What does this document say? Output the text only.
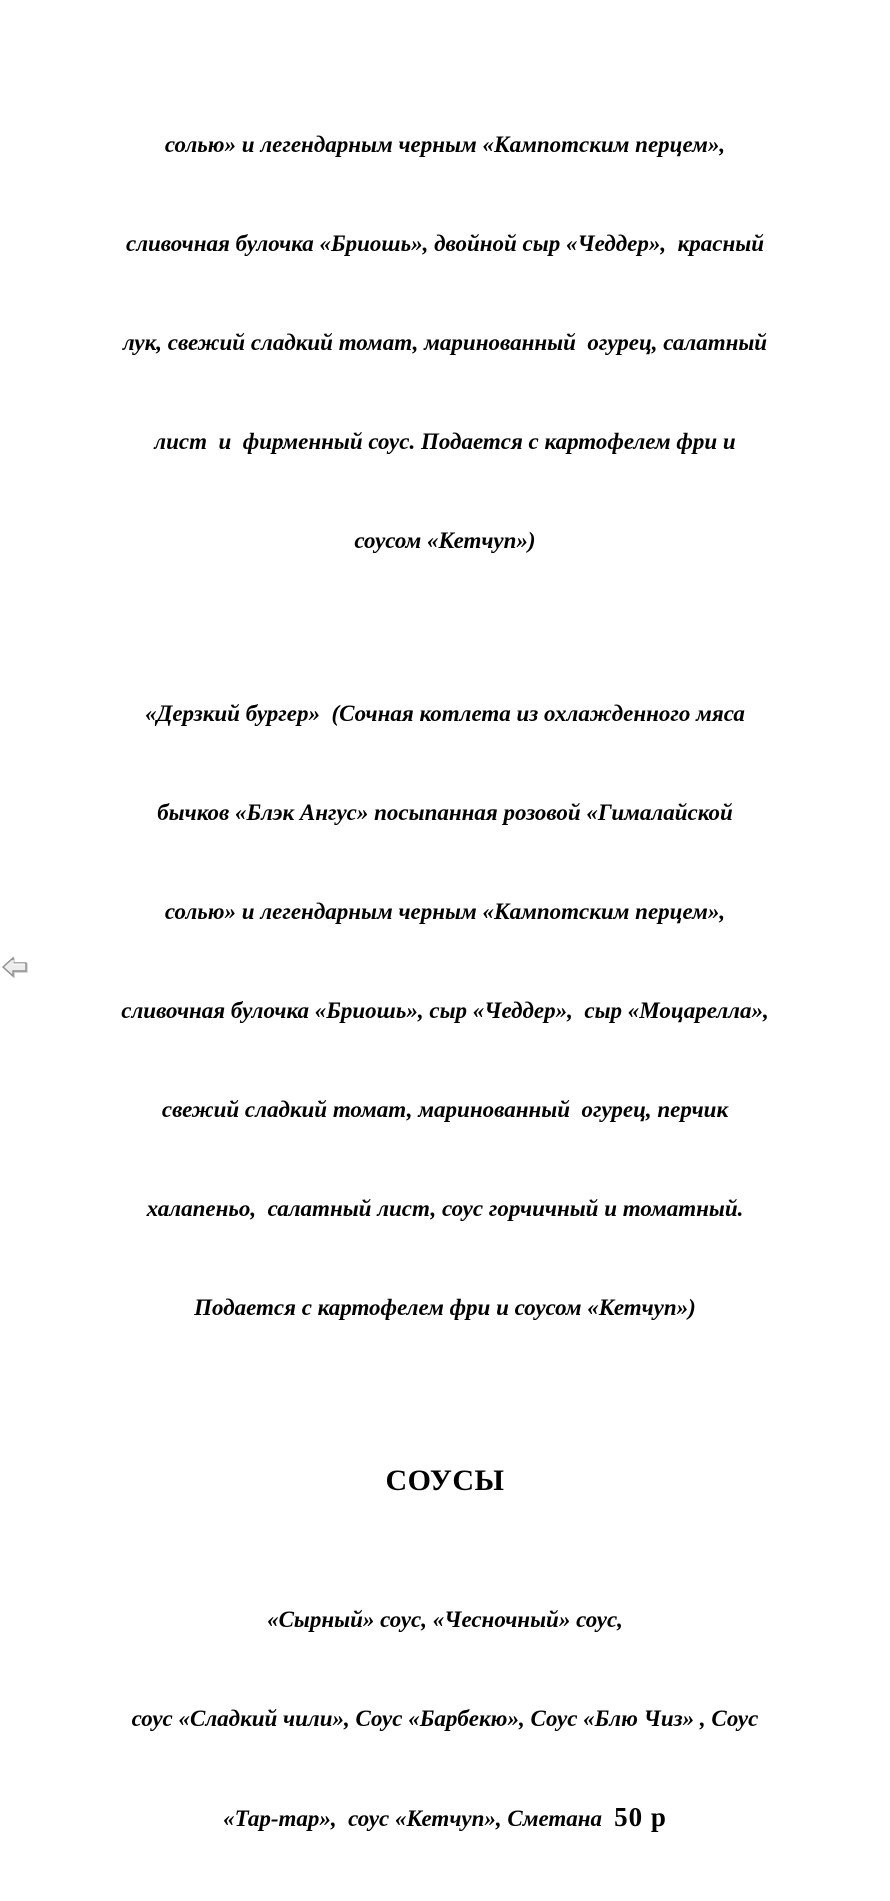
солью» и легендарным черным «Кампотским перцем»,

сливочная булочка «Бриошь», двойной сыр «Чеддер»,  красный

лук, свежий сладкий томат, маринованный  огурец, салатный

лист  и  фирменный соус. Подается с картофелем фри и

соусом «Кетчуп»)

«Дерзкий бургер»  (Сочная котлета из охлажденного мяса

бычков «Блэк Ангус» посыпанная розовой «Гималайской

солью» и легендарным черным «Кампотским перцем»,

сливочная булочка «Бриошь», сыр «Чеддер»,  сыр «Моцарелла»,

свежий сладкий томат, маринованный  огурец, перчик

халапеньо,  салатный лист, соус горчичный и томатный.

Подается с картофелем фри и соусом «Кетчуп»)

СОУСЫ

«Сырный» соус, «Чесночный» соус,

соус «Сладкий чили», Соус «Барбекю», Соус «Блю Чиз» , Соус

«Тар-тар»,  соус «Кетчуп», Сметана 50 р
